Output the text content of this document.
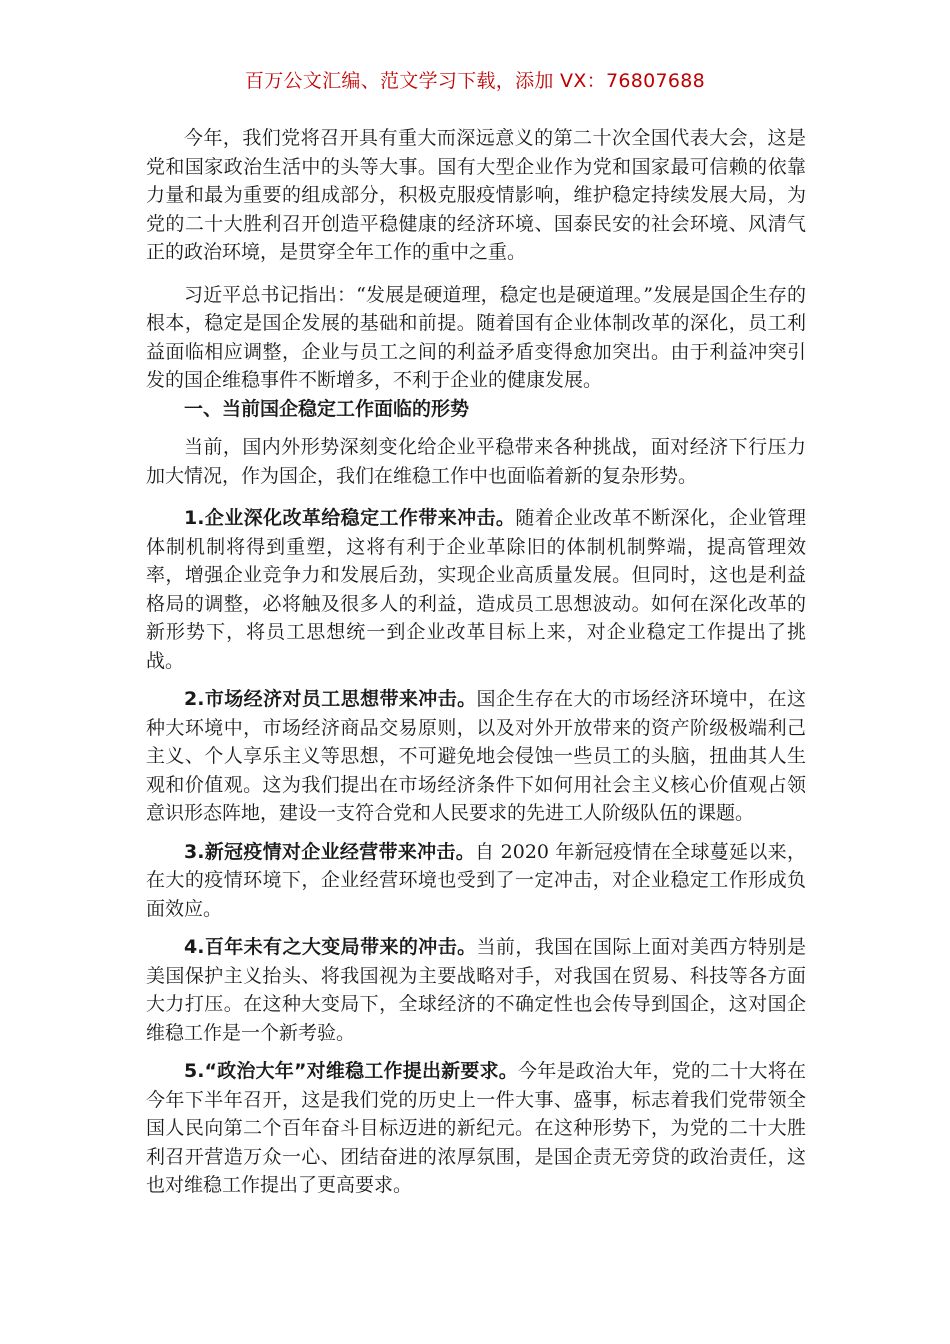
百万公文汇编、范文学习下载，添加 VX：76807688

今年，我们党将召开具有重大而深远意义的第二十次全国代表大会，这是党和国家政治生活中的头等大事。国有大型企业作为党和国家最可信赖的依靠力量和最为重要的组成部分，积极克服疫情影响，维护稳定持续发展大局，为党的二十大胜利召开创造平稳健康的经济环境、国泰民安的社会环境、风清气正的政治环境，是贯穿全年工作的重中之重。

习近平总书记指出：“发展是硬道理，稳定也是硬道理。”发展是国企生存的根本，稳定是国企发展的基础和前提。随着国有企业体制改革的深化，员工利益面临相应调整，企业与员工之间的利益矛盾变得愈加突出。由于利益冲突引发的国企维稳事件不断增多，不利于企业的健康发展。

一、当前国企稳定工作面临的形势

当前，国内外形势深刻变化给企业平稳带来各种挑战，面对经济下行压力加大情况，作为国企，我们在维稳工作中也面临着新的复杂形势。

1.企业深化改革给稳定工作带来冲击。随着企业改革不断深化，企业管理体制机制将得到重塑，这将有利于企业革除旧的体制机制弊端，提高管理效率，增强企业竞争力和发展后劲，实现企业高质量发展。但同时，这也是利益格局的调整，必将触及很多人的利益，造成员工思想波动。如何在深化改革的新形势下，将员工思想统一到企业改革目标上来，对企业稳定工作提出了挑战。

2.市场经济对员工思想带来冲击。国企生存在大的市场经济环境中，在这种大环境中，市场经济商品交易原则，以及对外开放带来的资产阶级极端利己主义、个人享乐主义等思想，不可避免地会侵蚀一些员工的头脑，扭曲其人生观和价值观。这为我们提出在市场经济条件下如何用社会主义核心价值观占领意识形态阵地，建设一支符合党和人民要求的先进工人阶级队伍的课题。

3.新冠疫情对企业经营带来冲击。自 2020 年新冠疫情在全球蔓延以来，在大的疫情环境下，企业经营环境也受到了一定冲击，对企业稳定工作形成负面效应。

4.百年未有之大变局带来的冲击。当前，我国在国际上面对美西方特别是美国保护主义抬头、将我国视为主要战略对手，对我国在贸易、科技等各方面大力打压。在这种大变局下，全球经济的不确定性也会传导到国企，这对国企维稳工作是一个新考验。

5.“政治大年”对维稳工作提出新要求。今年是政治大年，党的二十大将在今年下半年召开，这是我们党的历史上一件大事、盛事，标志着我们党带领全国人民向第二个百年奋斗目标迈进的新纪元。在这种形势下，为党的二十大胜利召开营造万众一心、团结奋进的浓厚氛围，是国企责无旁贷的政治责任，这也对维稳工作提出了更高要求。
